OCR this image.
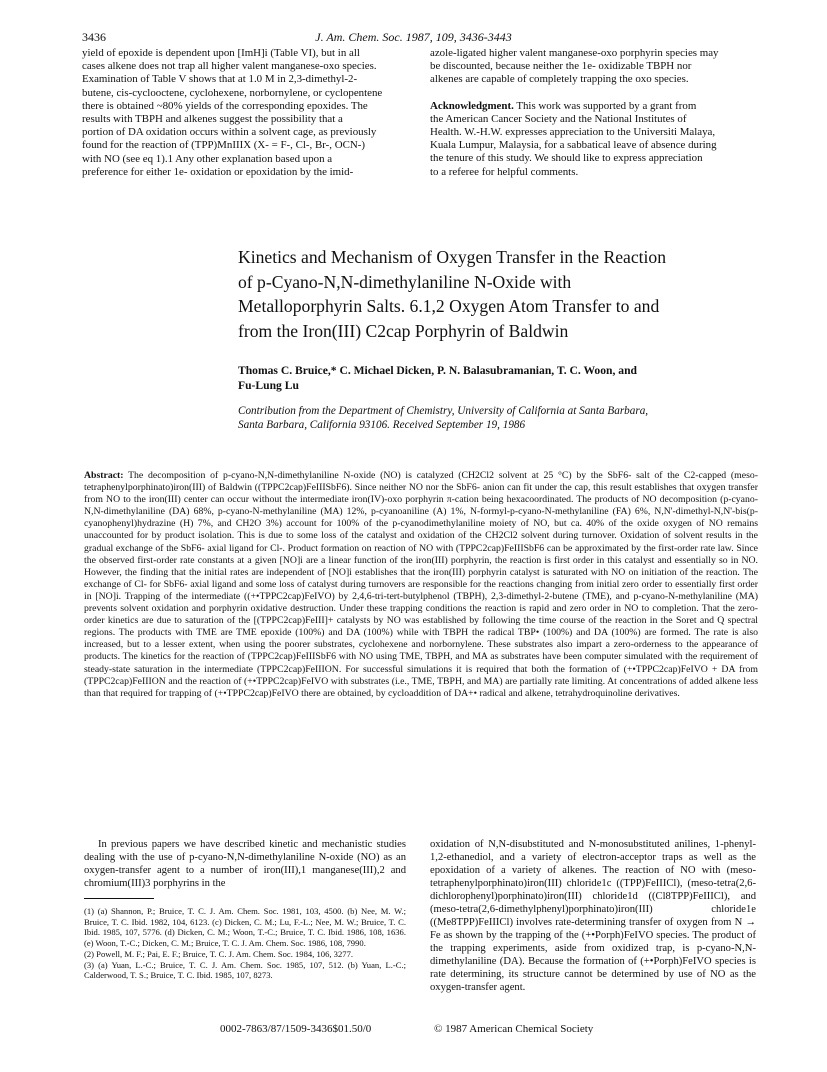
3436	J. Am. Chem. Soc. 1987, 109, 3436-3443

yield of epoxide is dependent upon [ImH]i (Table VI), but in all

cases alkene does not trap all higher valent manganese-oxo species.

Examination of Table V shows that at 1.0 M in 2,3-dimethyl-2-

butene, cis-cyclooctene, cyclohexene, norbornylene, or cyclopentene

there is obtained ~80% yields of the corresponding epoxides. The

results with TBPH and alkenes suggest the possibility that a

portion of DA oxidation occurs within a solvent cage, as previously

found for the reaction of (TPP)MnIIIX (X- = F-, Cl-, Br-, OCN-)

with NO (see eq 1).1 Any other explanation based upon a

preference for either 1e- oxidation or epoxidation by the imid-

azole-ligated higher valent manganese-oxo porphyrin species may

be discounted, because neither the 1e- oxidizable TBPH nor

alkenes are capable of completely trapping the oxo species.

Acknowledgment. This work was supported by a grant from

the American Cancer Society and the National Institutes of

Health. W.-H.W. expresses appreciation to the Universiti Malaya,

Kuala Lumpur, Malaysia, for a sabbatical leave of absence during

the tenure of this study. We should like to express appreciation

to a referee for helpful comments.

Kinetics and Mechanism of Oxygen Transfer in the Reaction
of p-Cyano-N,N-dimethylaniline N-Oxide with
Metalloporphyrin Salts. 6.1,2 Oxygen Atom Transfer to and
from the Iron(III) C2cap Porphyrin of Baldwin
Thomas C. Bruice,* C. Michael Dicken, P. N. Balasubramanian, T. C. Woon, and
Fu-Lung Lu
Contribution from the Department of Chemistry, University of California at Santa Barbara,
Santa Barbara, California 93106. Received September 19, 1986
Abstract: The decomposition of p-cyano-N,N-dimethylaniline N-oxide (NO) is catalyzed (CH2Cl2 solvent at 25 °C) by the SbF6- salt of the C2-capped (meso-tetraphenylporphinato)iron(III) of Baldwin ((TPPC2cap)FeIIISbF6). Since neither NO nor the SbF6- anion can fit under the cap, this result establishes that oxygen transfer from NO to the iron(III) center can occur without the intermediate iron(IV)-oxo porphyrin π-cation being hexacoordinated. The products of NO decomposition (p-cyano-N,N-dimethylaniline (DA) 68%, p-cyano-N-methylaniline (MA) 12%, p-cyanoaniline (A) 1%, N-formyl-p-cyano-N-methylaniline (FA) 6%, N,N'-dimethyl-N,N'-bis(p-cyanophenyl)hydrazine (H) 7%, and CH2O 3%) account for 100% of the p-cyanodimethylaniline moiety of NO, but ca. 40% of the oxide oxygen of NO remains unaccounted for by product isolation. This is due to some loss of the catalyst and oxidation of the CH2Cl2 solvent during turnover. Oxidation of solvent results in the gradual exchange of the SbF6- axial ligand for Cl-. Product formation on reaction of NO with (TPPC2cap)FeIIISbF6 can be approximated by the first-order rate law. Since the observed first-order rate constants at a given [NO]i are a linear function of the iron(III) porphyrin, the reaction is first order in this catalyst and essentially so in NO. However, the finding that the initial rates are independent of [NO]i establishes that the iron(III) porphyrin catalyst is saturated with NO on initiation of the reaction. The exchange of Cl- for SbF6- axial ligand and some loss of catalyst during turnovers are responsible for the reactions changing from initial zero order to essentially first order in [NO]i. Trapping of the intermediate ((+•TPPC2cap)FeIVO) by 2,4,6-tri-tert-butylphenol (TBPH), 2,3-dimethyl-2-butene (TME), and p-cyano-N-methylaniline (MA) prevents solvent oxidation and porphyrin oxidative destruction. Under these trapping conditions the reaction is rapid and zero order in NO to completion. That the zero-order kinetics are due to saturation of the [(TPPC2cap)FeIII]+ catalysts by NO was established by following the time course of the reaction in the Soret and Q spectral regions. The products with TME are TME epoxide (100%) and DA (100%) while with TBPH the radical TBP• (100%) and DA (100%) are formed. The rate is also increased, but to a lesser extent, when using the poorer substrates, cyclohexene and norbornylene. These substrates also impart a zero-orderness to the appearance of products. The kinetics for the reaction of (TPPC2cap)FeIIISbF6 with NO using TME, TBPH, and MA as substrates have been computer simulated with the requirement of steady-state saturation in the intermediate (TPPC2cap)FeIIION. For successful simulations it is required that both the formation of (+•TPPC2cap)FeIVO + DA from (TPPC2cap)FeIIION and the reaction of (+•TPPC2cap)FeIVO with substrates (i.e., TME, TBPH, and MA) are partially rate limiting. At concentrations of added alkene less than that required for trapping of (+•TPPC2cap)FeIVO there are obtained, by cycloaddition of DA+• radical and alkene, tetrahydroquinoline derivatives.

In previous papers we have described kinetic and mechanistic studies dealing with the use of p-cyano-N,N-dimethylaniline N-oxide (NO) as an oxygen-transfer agent to a number of iron(III),1 manganese(III),2 and chromium(III)3 porphyrins in the

(1) (a) Shannon, P.; Bruice, T. C. J. Am. Chem. Soc. 1981, 103, 4500. (b) Nee, M. W.; Bruice, T. C. Ibid. 1982, 104, 6123. (c) Dicken, C. M.; Lu, F.-L.; Nee, M. W.; Bruice, T. C. Ibid. 1985, 107, 5776. (d) Dicken, C. M.; Woon, T.-C.; Bruice, T. C. Ibid. 1986, 108, 1636. (e) Woon, T.-C.; Dicken, C. M.; Bruice, T. C. J. Am. Chem. Soc. 1986, 108, 7990.

(2) Powell, M. F.; Pai, E. F.; Bruice, T. C. J. Am. Chem. Soc. 1984, 106, 3277.

(3) (a) Yuan, L.-C.; Bruice, T. C. J. Am. Chem. Soc. 1985, 107, 512. (b) Yuan, L.-C.; Calderwood, T. S.; Bruice, T. C. Ibid. 1985, 107, 8273.

oxidation of N,N-disubstituted and N-monosubstituted anilines, 1-phenyl-1,2-ethanediol, and a variety of electron-acceptor traps as well as the epoxidation of a variety of alkenes. The reaction of NO with (meso-tetraphenylporphinato)iron(III) chloride1c ((TPP)FeIIICl), (meso-tetra(2,6-dichlorophenyl)porphinato)iron(III) chloride1d ((Cl8TPP)FeIIICl), and (meso-tetra(2,6-dimethylphenyl)porphinato)iron(III) chloride1e ((Me8TPP)FeIIICl) involves rate-determining transfer of oxygen from N → Fe as shown by the trapping of the (+•Porph)FeIVO species. The product of the trapping experiments, aside from oxidized trap, is p-cyano-N,N-dimethylaniline (DA). Because the formation of (+•Porph)FeIVO species is rate determining, its structure cannot be determined by use of NO as the oxygen-transfer agent.

0002-7863/87/1509-3436$01.50/0	© 1987 American Chemical Society
